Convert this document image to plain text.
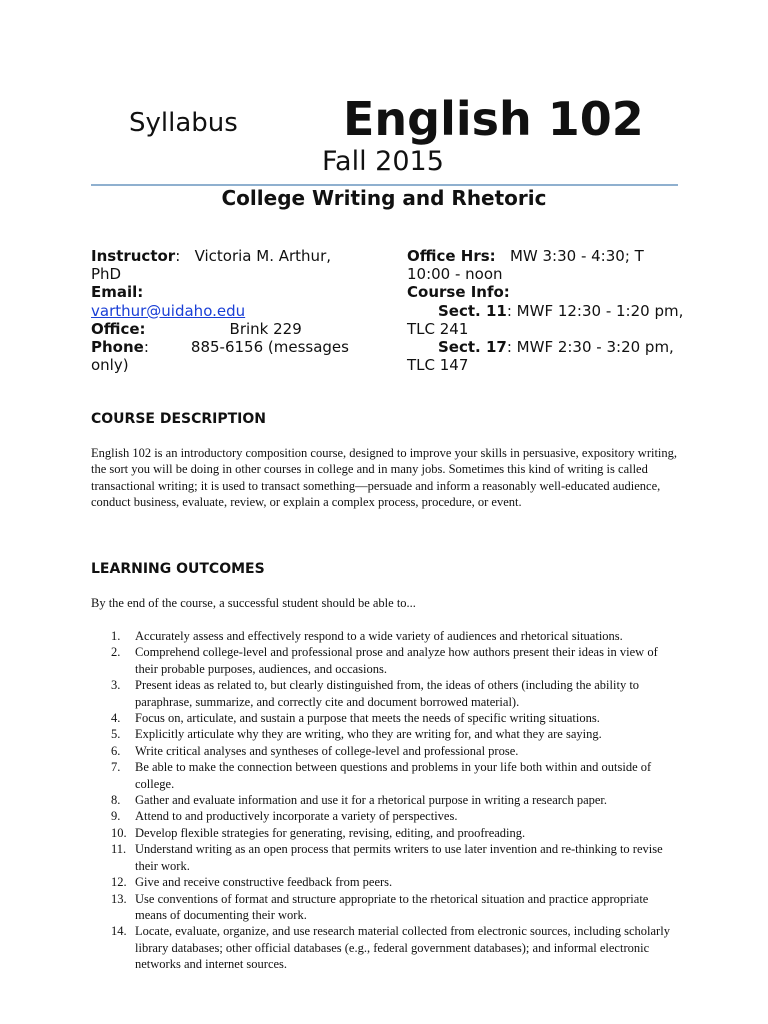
Syllabus English 102
Fall 2015
College Writing and Rhetoric

Instructor:   Victoria M. Arthur, PhD

Email:

varthur@uidaho.edu

Office:	Brink 229

Phone:	885-6156 (messages only)

Office Hrs: MW 3:30 - 4:30; T 10:00 - noon

Course Info:

Sect. 11: MWF 12:30 - 1:20 pm, TLC 241

Sect. 17: MWF 2:30 - 3:20 pm, TLC 147

COURSE DESCRIPTION
English 102 is an introductory composition course, designed to improve your skills in persuasive, expository writing, the sort you will be doing in other courses in college and in many jobs. Sometimes this kind of writing is called transactional writing; it is used to transact something—persuade and inform a reasonably well-educated audience, conduct business, evaluate, review, or explain a complex process, procedure, or event.
LEARNING OUTCOMES
By the end of the course, a successful student should be able to...
1. Accurately assess and effectively respond to a wide variety of audiences and rhetorical situations.
2. Comprehend college-level and professional prose and analyze how authors present their ideas in view of their probable purposes, audiences, and occasions.
3. Present ideas as related to, but clearly distinguished from, the ideas of others (including the ability to paraphrase, summarize, and correctly cite and document borrowed material).
4. Focus on, articulate, and sustain a purpose that meets the needs of specific writing situations.
5. Explicitly articulate why they are writing, who they are writing for, and what they are saying.
6. Write critical analyses and syntheses of college-level and professional prose.
7. Be able to make the connection between questions and problems in your life both within and outside of college.
8. Gather and evaluate information and use it for a rhetorical purpose in writing a research paper.
9. Attend to and productively incorporate a variety of perspectives.
10. Develop flexible strategies for generating, revising, editing, and proofreading.
11. Understand writing as an open process that permits writers to use later invention and re-thinking to revise their work.
12. Give and receive constructive feedback from peers.
13. Use conventions of format and structure appropriate to the rhetorical situation and practice appropriate means of documenting their work.
14. Locate, evaluate, organize, and use research material collected from electronic sources, including scholarly library databases; other official databases (e.g., federal government databases); and informal electronic networks and internet sources.
